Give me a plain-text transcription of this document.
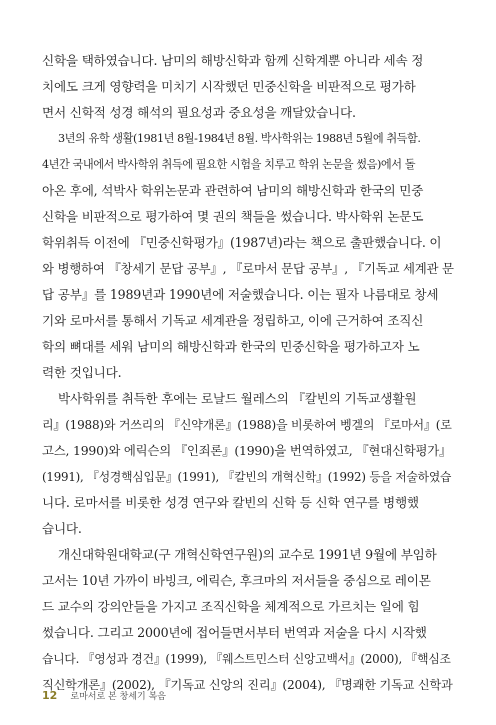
신학을 택하였습니다. 남미의 해방신학과 함께 신학계뿐 아니라 세속 정
치에도 크게 영향력을 미치기 시작했던 민중신학을 비판적으로 평가하
면서 신학적 성경 해석의 필요성과 중요성을 깨달았습니다.
3년의 유학 생활(1981년 8월-1984년 8월. 박사학위는 1988년 5월에 취득함.
4년간 국내에서 박사학위 취득에 필요한 시험을 치루고 학위 논문을 썼음)에서 돌
아온 후에, 석박사 학위논문과 관련하여 남미의 해방신학과 한국의 민중
신학을 비판적으로 평가하여 몇 권의 책들을 썼습니다. 박사학위 논문도
학위취득 이전에 『민중신학평가』(1987년)라는 책으로 출판했습니다. 이
와 병행하여 『창세기 문답 공부』, 『로마서 문답 공부』, 『기독교 세계관 문
답 공부』를 1989년과 1990년에 저술했습니다. 이는 필자 나름대로 창세
기와 로마서를 통해서 기독교 세계관을 정립하고, 이에 근거하여 조직신
학의 뼈대를 세워 남미의 해방신학과 한국의 민중신학을 평가하고자 노
력한 것입니다.
박사학위를 취득한 후에는 로날드 월레스의 『칼빈의 기독교생활원
리』(1988)와 거쓰리의 『신약개론』(1988)을 비롯하여 벵겔의 『로마서』(로
고스, 1990)와 에릭슨의 『인죄론』(1990)을 번역하였고, 『현대신학평가』
(1991), 『성경핵심입문』(1991), 『칼빈의 개혁신학』(1992) 등을 저술하였습
니다. 로마서를 비롯한 성경 연구와 칼빈의 신학 등 신학 연구를 병행했
습니다.
개신대학원대학교(구 개혁신학연구원)의 교수로 1991년 9월에 부임하
고서는 10년 가까이 바빙크, 에릭슨, 후크마의 저서들을 중심으로 레이몬
드 교수의 강의안들을 가지고 조직신학을 체계적으로 가르치는 일에 힘
썼습니다. 그리고 2000년에 접어들면서부터 번역과 저술을 다시 시작했
습니다. 『영성과 경건』(1999), 『웨스트민스터 신앙고백서』(2000), 『핵심조
직신학개론』(2002), 『기독교 신앙의 진리』(2004), 『명쾌한 기독교 신학과
12 로마서로 본 창세기 복음
